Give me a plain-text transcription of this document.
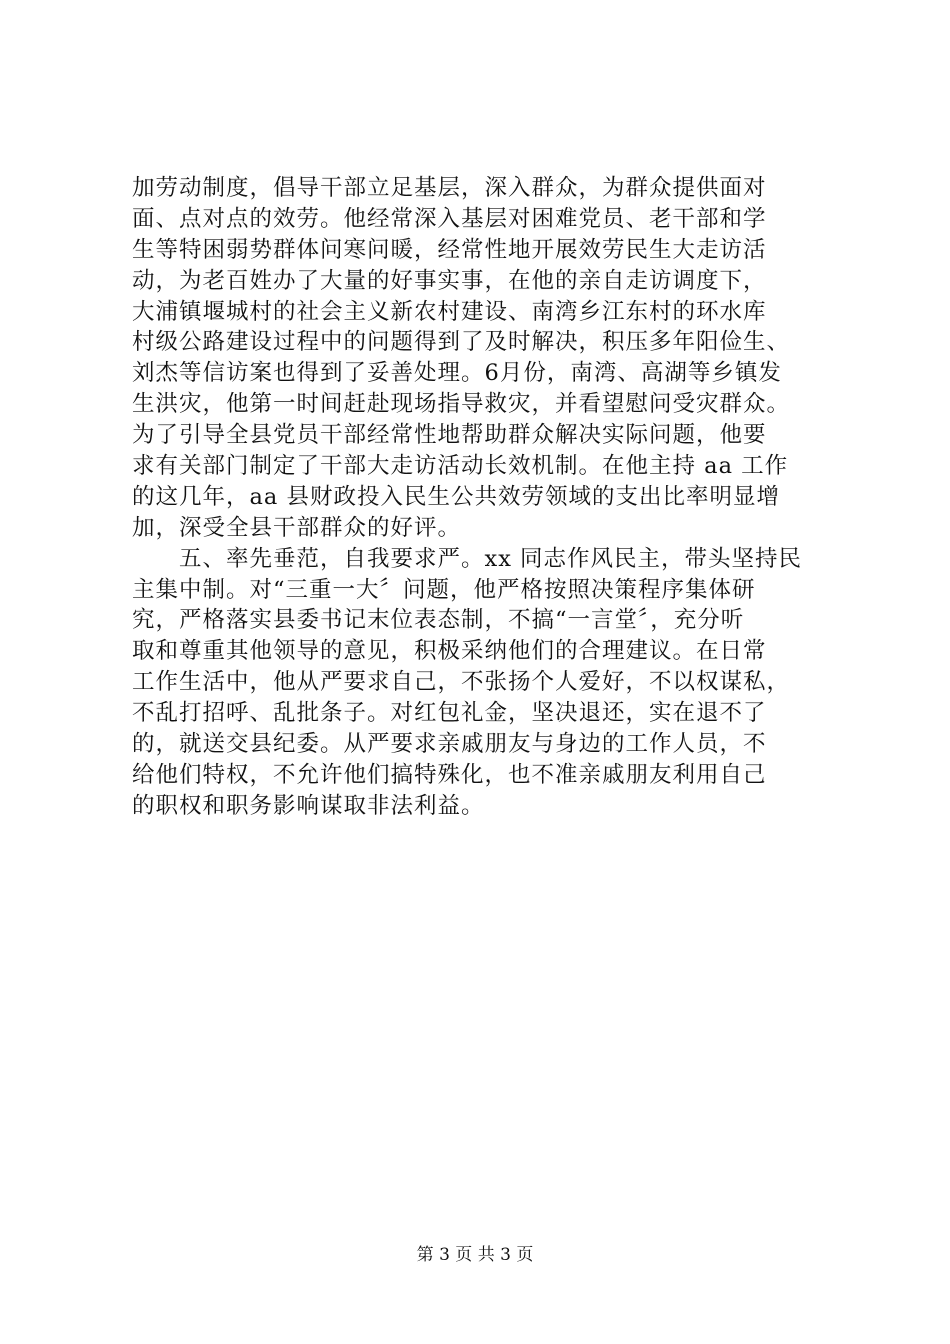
加劳动制度，倡导干部立足基层，深入群众，为群众提供面对
面、点对点的效劳。他经常深入基层对困难党员、老干部和学
生等特困弱势群体问寒问暖，经常性地开展效劳民生大走访活
动，为老百姓办了大量的好事实事，在他的亲自走访调度下，
大浦镇堰城村的社会主义新农村建设、南湾乡江东村的环水库
村级公路建设过程中的问题得到了及时解决，积压多年阳俭生、
刘杰等信访案也得到了妥善处理。6月份，南湾、高湖等乡镇发
生洪灾，他第一时间赶赴现场指导救灾，并看望慰问受灾群众。
为了引导全县党员干部经常性地帮助群众解决实际问题，他要
求有关部门制定了干部大走访活动长效机制。在他主持 aa 工作
的这几年，aa 县财政投入民生公共效劳领域的支出比率明显增
加，深受全县干部群众的好评。
　　五、率先垂范，自我要求严。xx 同志作风民主，带头坚持民
主集中制。对“三重一大〞问题，他严格按照决策程序集体研
究，严格落实县委书记末位表态制，不搞“一言堂〞，充分听
取和尊重其他领导的意见，积极采纳他们的合理建议。在日常
工作生活中，他从严要求自己，不张扬个人爱好，不以权谋私，
不乱打招呼、乱批条子。对红包礼金，坚决退还，实在退不了
的，就送交县纪委。从严要求亲戚朋友与身边的工作人员，不
给他们特权，不允许他们搞特殊化，也不准亲戚朋友利用自己
的职权和职务影响谋取非法利益。
第 3 页 共 3 页
